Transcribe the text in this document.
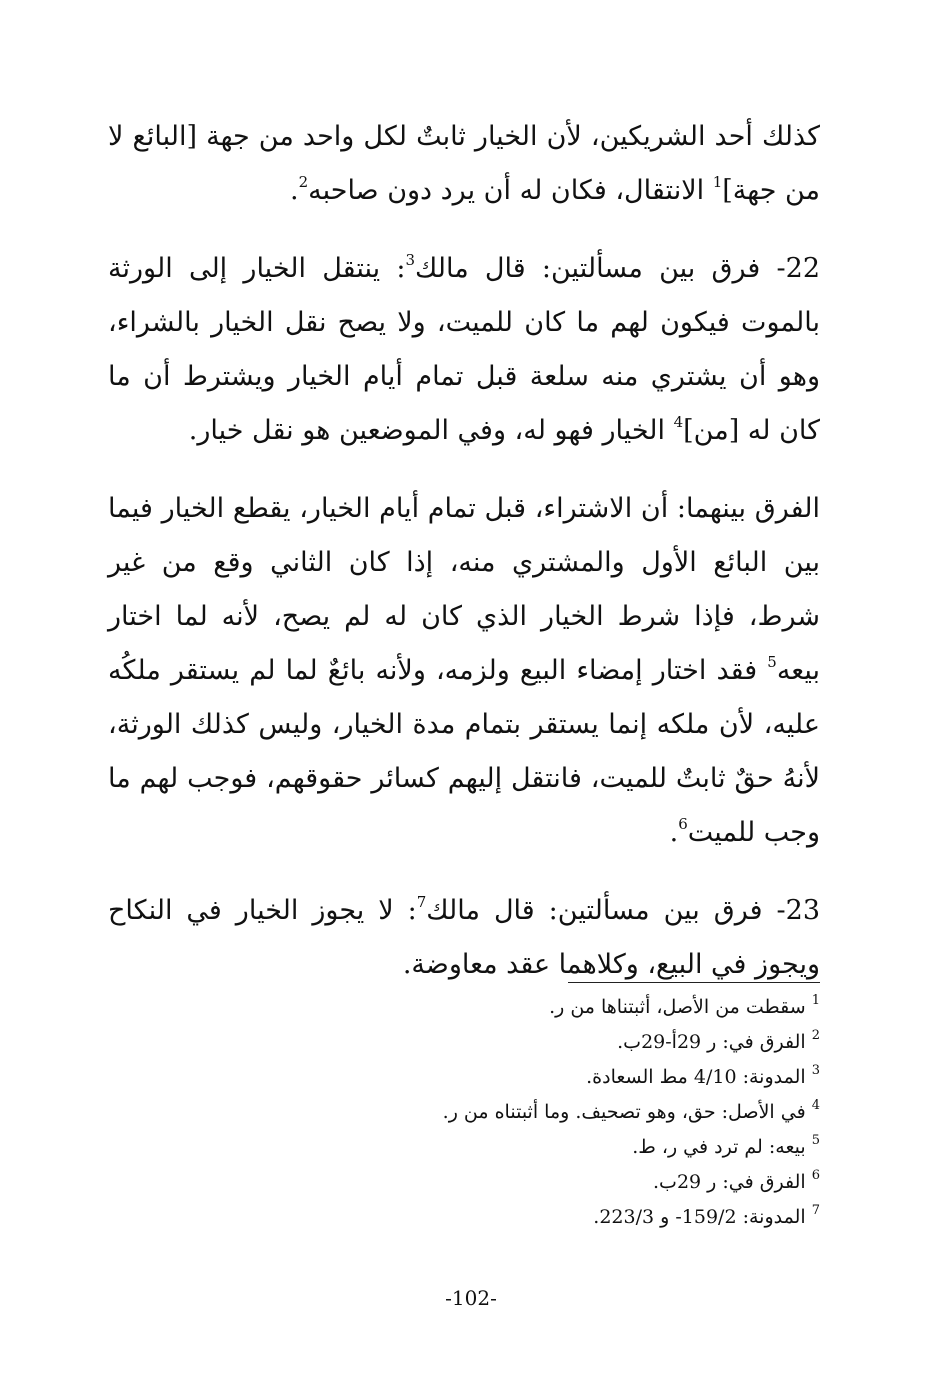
كذلك أحد الشريكين، لأن الخيار ثابتٌ لكل واحد من جهة [البائع لا من جهة]$^1$ الانتقال، فكان له أن يرد دون صاحبه$^2$.

22- فرق بين مسألتين: قال مالك$^3$: ينتقل الخيار إلى الورثة بالموت فيكون لهم ما كان للميت، ولا يصح نقل الخيار بالشراء، وهو أن يشتري منه سلعة قبل تمام أيام الخيار ويشترط أن ما كان له [من]$^4$ الخيار فهو له، وفي الموضعين هو نقل خيار.

الفرق بينهما: أن الاشتراء، قبل تمام أيام الخيار، يقطع الخيار فيما بين البائع الأول والمشتري منه، إذا كان الثاني وقع من غير شرط، فإذا شرط الخيار الذي كان له لم يصح، لأنه لما اختار بيعه$^5$ فقد اختار إمضاء البيع ولزمه، ولأنه بائعٌ لما لم يستقر ملكُه عليه، لأن ملكه إنما يستقر بتمام مدة الخيار، وليس كذلك الورثة، لأنهُ حقٌ ثابتٌ للميت، فانتقل إليهم كسائر حقوقهم، فوجب لهم ما وجب للميت$^6$.

23- فرق بين مسألتين: قال مالك$^7$: لا يجوز الخيار في النكاح ويجوز في البيع، وكلاهما عقد معاوضة.

$^1$ سقطت من الأصل، أثبتناها من ر.
$^2$ الفرق في: ر 29أ-29ب.
$^3$ المدونة: 4/10 مط السعادة.
$^4$ في الأصل: حق، وهو تصحيف. وما أثبتناه من ر.
$^5$ بيعه: لم ترد في ر، ط.
$^6$ الفرق في: ر 29ب.
$^7$ المدونة: 159/2- و 223/3.
-102-
